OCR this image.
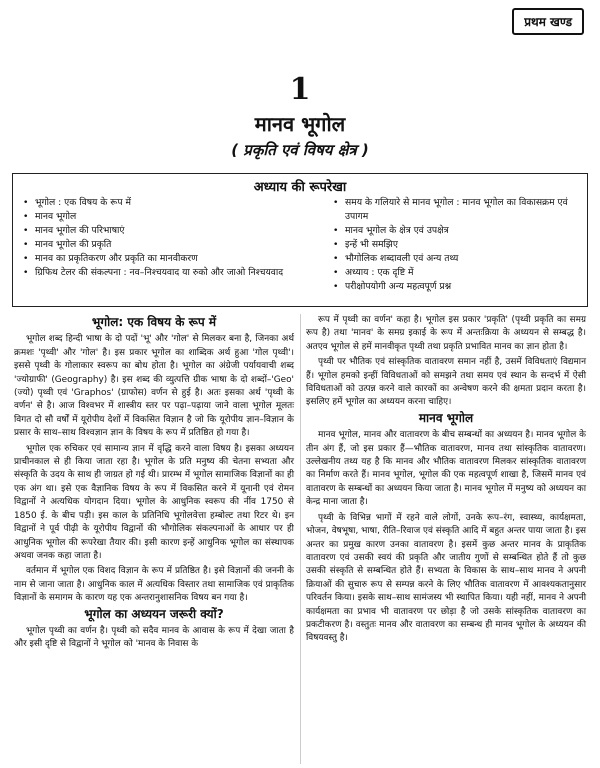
प्रथम खण्ड
1
मानव भूगोल
( प्रकृति एवं विषय क्षेत्र )
अध्याय की रूपरेखा
• भूगोल : एक विषय के रूप में
• मानव भूगोल
• मानव भूगोल की परिभाषाएं
• मानव भूगोल की प्रकृति
• मानव का प्रकृतिकरण और प्रकृति का मानवीकरण
• ग्रिफिथ टेलर की संकल्पना : नव–निश्चयवाद या रुको और जाओ निश्चयवाद
• समय के गलियारे से मानव भूगोल : मानव भूगोल का विकासक्रम एवं उपागम
• मानव भूगोल के क्षेत्र एवं उपक्षेत्र
• इन्हें भी समझिए
• भौगोलिक शब्दावली एवं अन्य तथ्य
• अध्याय : एक दृष्टि में
• परीक्षोपयोगी अन्य महत्वपूर्ण प्रश्न
भूगोल: एक विषय के रूप में

भूगोल शब्द हिन्दी भाषा के दो पदों 'भू' और 'गोल' से मिलकर बना है, जिनका अर्थ क्रमशः 'पृथ्वी' और 'गोल' है। इस प्रकार भूगोल का शाब्दिक अर्थ हुआ 'गोल पृथ्वी'। इससे पृथ्वी के गोलाकार स्वरूप का बोध होता है। भूगोल का अंग्रेजी पर्यायवाची शब्द 'ज्योग्राफी' (Geography) है। इस शब्द की व्युत्पत्ति ग्रीक भाषा के दो शब्दों–'Geo' (ज्यो) पृथ्वी एवं 'Graphos' (ग्राफोस) वर्णन से हुई है। अतः इसका अर्थ 'पृथ्वी के वर्णन' से है। आज विश्वभर में शास्त्रीय स्तर पर पढ़ा–पढ़ाया जाने वाला भूगोल मूलतः विगत दो सौ वर्षों में यूरोपीय देशों में विकसित विज्ञान है जो कि यूरोपीय ज्ञान–विज्ञान के प्रसार के साथ–साथ विश्वज्ञान ज्ञान के विषय के रूप में प्रतिष्ठित हो गया है।

भूगोल एक रुचिकर एवं सामान्य ज्ञान में वृद्धि करने वाला विषय है। इसका अध्ययन प्राचीनकाल से ही किया जाता रहा है। भूगोल के प्रति मनुष्य की चेतना सभ्यता और संस्कृति के उदय के साथ ही जाग्रत हो गई थी। प्रारम्भ में भूगोल सामाजिक विज्ञानों का ही एक अंग था। इसे एक वैज्ञानिक विषय के रूप में विकसित करने में यूनानी एवं रोमन विद्वानों ने अत्यधिक योगदान दिया। भूगोल के आधुनिक स्वरूप की नींव 1750 से 1850 ई. के बीच पड़ी। इस काल के प्रतिनिधि भूगोलवेत्ता हम्बोल्ट तथा रिटर थे। इन विद्वानों ने पूर्व पीढ़ी के यूरोपीय विद्वानों की भौगोलिक संकल्पनाओं के आधार पर ही आधुनिक भूगोल की रूपरेखा तैयार की। इसी कारण इन्हें आधुनिक भूगोल का संस्थापक अथवा जनक कहा जाता है।

वर्तमान में भूगोल एक विशद विज्ञान के रूप में प्रतिष्ठित है। इसे विज्ञानों की जननी के नाम से जाना जाता है। आधुनिक काल में अत्यधिक विस्तार तथा सामाजिक एवं प्राकृतिक विज्ञानों के समागम के कारण यह एक अन्तरानुशासनिक विषय बन गया है।

भूगोल का अध्ययन जरूरी क्यों?

भूगोल पृथ्वी का वर्णन है। पृथ्वी को सदैव मानव के आवास के रूप में देखा जाता है और इसी दृष्टि से विद्वानों ने भूगोल को 'मानव के निवास के

रूप में पृथ्वी का वर्णन' कहा है। भूगोल इस प्रकार 'प्रकृति' (पृथ्वी प्रकृति का समग्र रूप है) तथा 'मानव' के समग्र इकाई के रूप में अन्तःक्रिया के अध्ययन से सम्बद्ध है। अतएव भूगोल से हमें मानवीकृत पृथ्वी तथा प्रकृति प्रभावित मानव का ज्ञान होता है।

पृथ्वी पर भौतिक एवं सांस्कृतिक वातावरण समान नहीं है, उसमें विविधताएं विद्यमान हैं। भूगोल हमको इन्हीं विविधताओं को समझने तथा समय एवं स्थान के सन्दर्भ में ऐसी विविधताओं को उत्पन्न करने वाले कारकों का अन्वेषण करने की क्षमता प्रदान करता है। इसलिए हमें भूगोल का अध्ययन करना चाहिए।

मानव भूगोल

मानव भूगोल, मानव और वातावरण के बीच सम्बन्धों का अध्ययन है। मानव भूगोल के तीन अंग हैं, जो इस प्रकार हैं—भौतिक वातावरण, मानव तथा सांस्कृतिक वातावरण। उल्लेखनीय तथ्य यह है कि मानव और भौतिक वातावरण मिलकर सांस्कृतिक वातावरण का निर्माण करते हैं। मानव भूगोल, भूगोल की एक महत्वपूर्ण शाखा है, जिसमें मानव एवं वातावरण के सम्बन्धों का अध्ययन किया जाता है। मानव भूगोल में मनुष्य को अध्ययन का केन्द्र माना जाता है।

पृथ्वी के विभिन्न भागों में रहने वाले लोगों, उनके रूप–रंग, स्वास्थ्य, कार्यक्षमता, भोजन, वेषभूषा, भाषा, रीति–रिवाज एवं संस्कृति आदि में बहुत अन्तर पाया जाता है। इस अन्तर का प्रमुख कारण उनका वातावरण है। इसमें कुछ अन्तर मानव के प्राकृतिक वातावरण एवं उसकी स्वयं की प्रकृति और जातीय गुणों से सम्बन्धित होते हैं तो कुछ उसकी संस्कृति से सम्बन्धित होते हैं। सभ्यता के विकास के साथ–साथ मानव ने अपनी क्रियाओं की सुचारु रूप से सम्पन्न करने के लिए भौतिक वातावरण में आवश्यकतानुसार परिवर्तन किया। इसके साथ–साथ सामंजस्य भी स्थापित किया। यही नहीं, मानव ने अपनी कार्यक्षमता का प्रभाव भी वातावरण पर छोड़ा है जो उसके सांस्कृतिक वातावरण का प्रकटीकरण है। वस्तुतः मानव और वातावरण का सम्बन्ध ही मानव भूगोल के अध्ययन की विषयवस्तु है।
